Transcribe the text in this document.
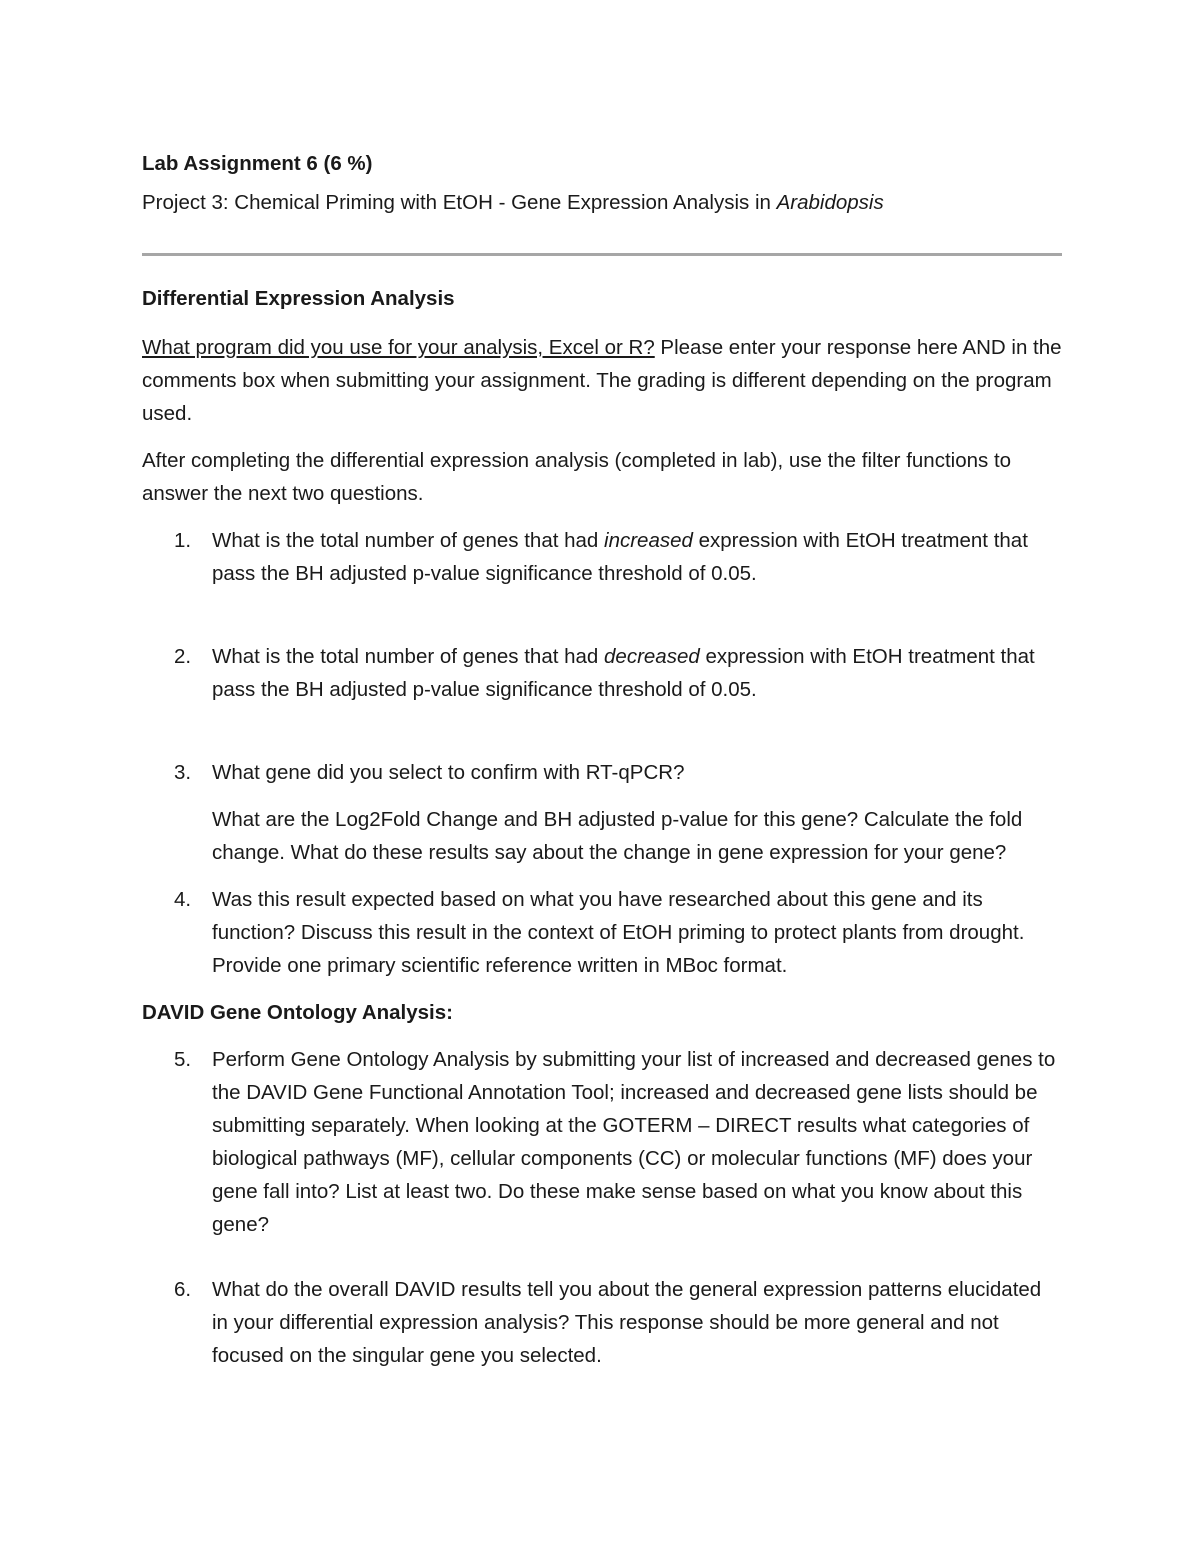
Lab Assignment 6 (6 %)

Project 3: Chemical Priming with EtOH - Gene Expression Analysis in Arabidopsis

Differential Expression Analysis

What program did you use for your analysis, Excel or R? Please enter your response here AND in the comments box when submitting your assignment. The grading is different depending on the program used.

After completing the differential expression analysis (completed in lab), use the filter functions to answer the next two questions.

1. What is the total number of genes that had increased expression with EtOH treatment that pass the BH adjusted p-value significance threshold of 0.05.
2. What is the total number of genes that had decreased expression with EtOH treatment that pass the BH adjusted p-value significance threshold of 0.05.
3. What gene did you select to confirm with RT-qPCR?

What are the Log2Fold Change and BH adjusted p-value for this gene? Calculate the fold change. What do these results say about the change in gene expression for your gene?

4. Was this result expected based on what you have researched about this gene and its function? Discuss this result in the context of EtOH priming to protect plants from drought. Provide one primary scientific reference written in MBoc format.

DAVID Gene Ontology Analysis:

5. Perform Gene Ontology Analysis by submitting your list of increased and decreased genes to the DAVID Gene Functional Annotation Tool; increased and decreased gene lists should be submitting separately. When looking at the GOTERM – DIRECT results what categories of biological pathways (MF), cellular components (CC) or molecular functions (MF) does your gene fall into? List at least two. Do these make sense based on what you know about this gene?
6. What do the overall DAVID results tell you about the general expression patterns elucidated in your differential expression analysis? This response should be more general and not focused on the singular gene you selected.
